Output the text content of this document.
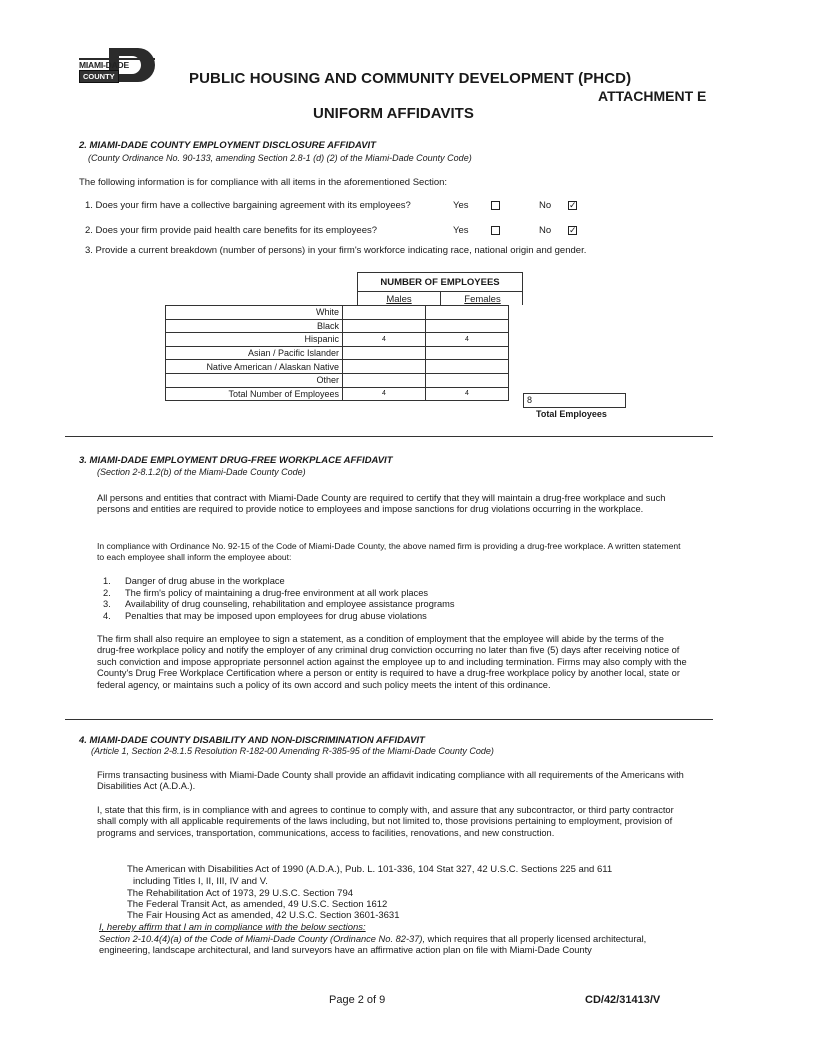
MIAMI-DADE
COUNTY	PUBLIC HOUSING AND COMMUNITY DEVELOPMENT (PHCD)
ATTACHMENT E
UNIFORM AFFIDAVITS
2. MIAMI-DADE COUNTY EMPLOYMENT DISCLOSURE AFFIDAVIT
(County Ordinance No. 90-133, amending Section 2.8-1 (d) (2) of the Miami-Dade County Code)
The following information is for compliance with all items in the aforementioned Section:
1. Does your firm have a collective bargaining agreement with its employees?	Yes	No ✓
2. Does your firm provide paid health care benefits for its employees?	Yes	No ✓
3. Provide a current breakdown (number of persons) in your firm's workforce indicating race, national origin and gender.
NUMBER OF EMPLOYEES
Males	Females
White		
Black		
Hispanic	4	4
Asian / Pacific Islander		
Native American / Alaskan Native		
Other		
Total Number of Employees	4	4
8
Total Employees
3. MIAMI-DADE EMPLOYMENT DRUG-FREE WORKPLACE AFFIDAVIT
(Section 2-8.1.2(b) of the Miami-Dade County Code)
All persons and entities that contract with Miami-Dade County are required to certify that they will maintain a drug-free workplace and such persons and entities are required to provide notice to employees and impose sanctions for drug violations occurring in the workplace.
In compliance with Ordinance No. 92-15 of the Code of Miami-Dade County, the above named firm is providing a drug-free workplace. A written statement to each employee shall inform the employee about:
1. Danger of drug abuse in the workplace
2. The firm's policy of maintaining a drug-free environment at all work places
3. Availability of drug counseling, rehabilitation and employee assistance programs
4. Penalties that may be imposed upon employees for drug abuse violations
The firm shall also require an employee to sign a statement, as a condition of employment that the employee will abide by the terms of the drug-free workplace policy and notify the employer of any criminal drug conviction occurring no later than five (5) days after receiving notice of such conviction and impose appropriate personnel action against the employee up to and including termination. Firms may also comply with the County's Drug Free Workplace Certification where a person or entity is required to have a drug-free workplace policy by another local, state or federal agency, or maintains such a policy of its own accord and such policy meets the intent of this ordinance.
4. MIAMI-DADE COUNTY DISABILITY AND NON-DISCRIMINATION AFFIDAVIT
(Article 1, Section 2-8.1.5 Resolution R-182-00 Amending R-385-95 of the Miami-Dade County Code)
Firms transacting business with Miami-Dade County shall provide an affidavit indicating compliance with all requirements of the Americans with Disabilities Act (A.D.A.).
I, state that this firm, is in compliance with and agrees to continue to comply with, and assure that any subcontractor, or third party contractor shall comply with all applicable requirements of the laws including, but not limited to, those provisions pertaining to employment, provision of programs and services, transportation, communications, access to facilities, renovations, and new construction.
The American with Disabilities Act of 1990 (A.D.A.), Pub. L. 101-336, 104 Stat 327, 42 U.S.C. Sections 225 and 611
including Titles I, II, III, IV and V.
The Rehabilitation Act of 1973, 29 U.S.C. Section 794
The Federal Transit Act, as amended, 49 U.S.C. Section 1612
The Fair Housing Act as amended, 42 U.S.C. Section 3601-3631
I, hereby affirm that I am in compliance with the below sections:
Section 2-10.4(4)(a) of the Code of Miami-Dade County (Ordinance No. 82-37), which requires that all properly licensed architectural, engineering, landscape architectural, and land surveyors have an affirmative action plan on file with Miami-Dade County
Page 2 of 9	CD/42/31413/V
